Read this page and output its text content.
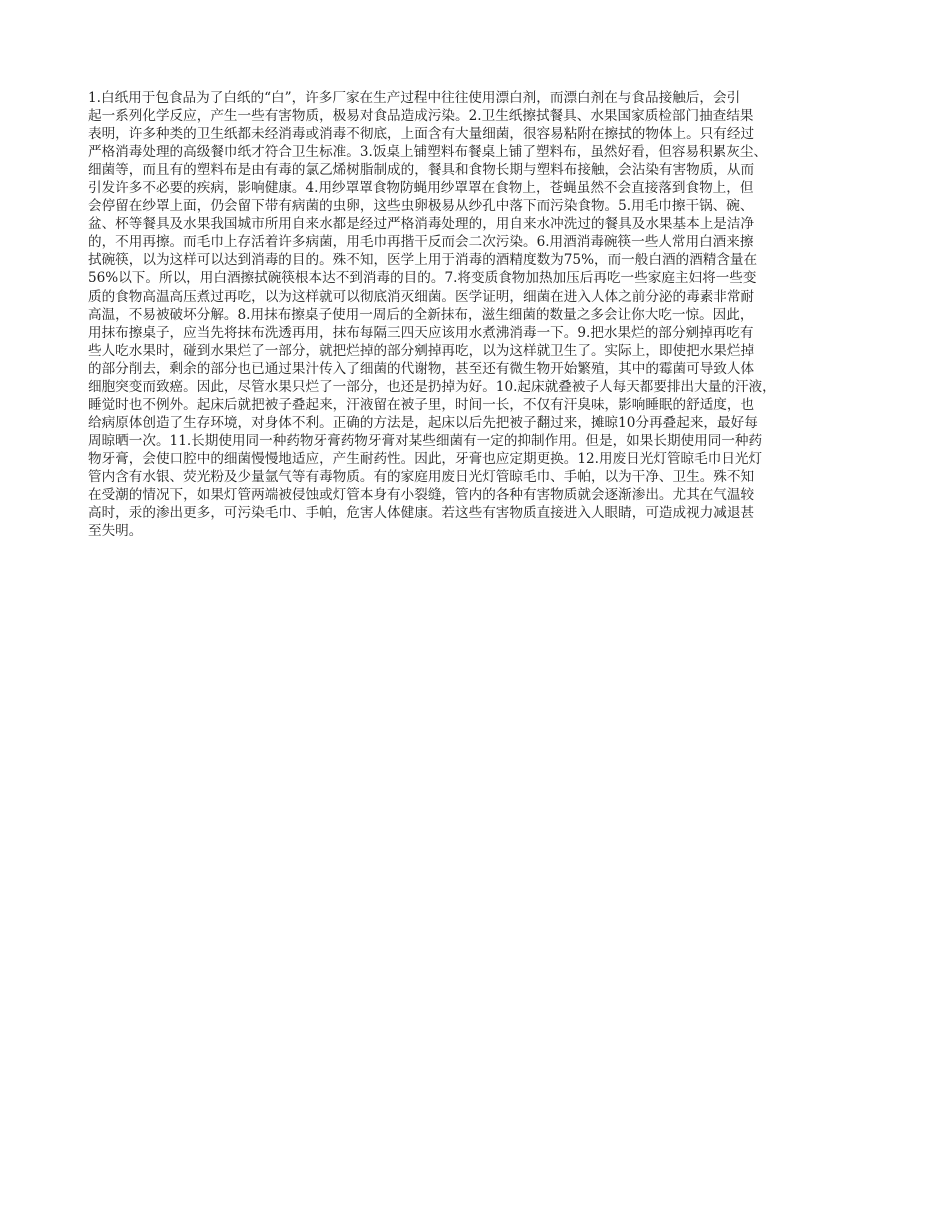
1.白纸用于包食品为了白纸的“白”，许多厂家在生产过程中往往使用漂白剂，而漂白剂在与食品接触后，会引
起一系列化学反应，产生一些有害物质，极易对食品造成污染。2.卫生纸擦拭餐具、水果国家质检部门抽查结果
表明，许多种类的卫生纸都未经消毒或消毒不彻底，上面含有大量细菌，很容易粘附在擦拭的物体上。只有经过
严格消毒处理的高级餐巾纸才符合卫生标准。3.饭桌上铺塑料布餐桌上铺了塑料布，虽然好看，但容易积累灰尘、
细菌等，而且有的塑料布是由有毒的氯乙烯树脂制成的，餐具和食物长期与塑料布接触，会沾染有害物质，从而
引发许多不必要的疾病，影响健康。4.用纱罩罩食物防蝇用纱罩罩在食物上，苍蝇虽然不会直接落到食物上，但
会停留在纱罩上面，仍会留下带有病菌的虫卵，这些虫卵极易从纱孔中落下而污染食物。5.用毛巾擦干锅、碗、
盆、杯等餐具及水果我国城市所用自来水都是经过严格消毒处理的，用自来水冲洗过的餐具及水果基本上是洁净
的，不用再擦。而毛巾上存活着许多病菌，用毛巾再揩干反而会二次污染。6.用酒消毒碗筷一些人常用白酒来擦
拭碗筷，以为这样可以达到消毒的目的。殊不知，医学上用于消毒的酒精度数为75%，而一般白酒的酒精含量在
56%以下。所以，用白酒擦拭碗筷根本达不到消毒的目的。7.将变质食物加热加压后再吃一些家庭主妇将一些变
质的食物高温高压煮过再吃，以为这样就可以彻底消灭细菌。医学证明，细菌在进入人体之前分泌的毒素非常耐
高温，不易被破坏分解。8.用抹布擦桌子使用一周后的全新抹布，滋生细菌的数量之多会让你大吃一惊。因此，
用抹布擦桌子，应当先将抹布洗透再用，抹布每隔三四天应该用水煮沸消毒一下。9.把水果烂的部分剜掉再吃有
些人吃水果时，碰到水果烂了一部分，就把烂掉的部分剜掉再吃，以为这样就卫生了。实际上，即使把水果烂掉
的部分削去，剩余的部分也已通过果汁传入了细菌的代谢物，甚至还有微生物开始繁殖，其中的霉菌可导致人体
细胞突变而致癌。因此，尽管水果只烂了一部分，也还是扔掉为好。10.起床就叠被子人每天都要排出大量的汗液，
睡觉时也不例外。起床后就把被子叠起来，汗液留在被子里，时间一长，不仅有汗臭味，影响睡眠的舒适度，也
给病原体创造了生存环境，对身体不利。正确的方法是，起床以后先把被子翻过来，摊晾10分再叠起来，最好每
周晾晒一次。11.长期使用同一种药物牙膏药物牙膏对某些细菌有一定的抑制作用。但是，如果长期使用同一种药
物牙膏，会使口腔中的细菌慢慢地适应，产生耐药性。因此，牙膏也应定期更换。12.用废日光灯管晾毛巾日光灯
管内含有水银、荧光粉及少量氩气等有毒物质。有的家庭用废日光灯管晾毛巾、手帕，以为干净、卫生。殊不知
在受潮的情况下，如果灯管两端被侵蚀或灯管本身有小裂缝，管内的各种有害物质就会逐渐渗出。尤其在气温较
高时，汞的渗出更多，可污染毛巾、手帕，危害人体健康。若这些有害物质直接进入人眼睛，可造成视力减退甚
至失明。
